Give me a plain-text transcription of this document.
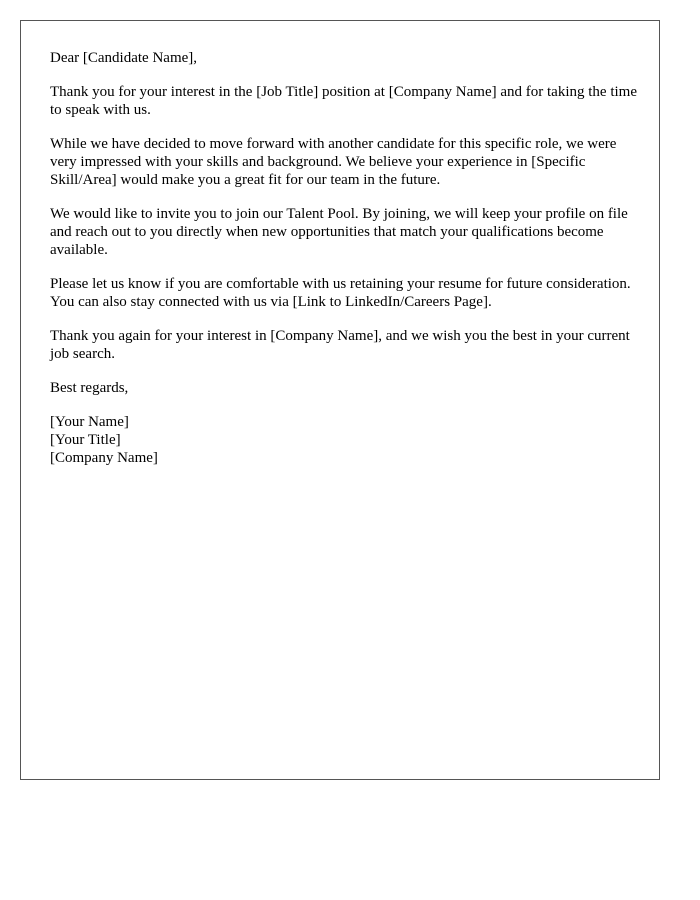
Dear [Candidate Name],

Thank you for your interest in the [Job Title] position at [Company Name] and for taking the time to speak with us.

While we have decided to move forward with another candidate for this specific role, we were very impressed with your skills and background. We believe your experience in [Specific Skill/Area] would make you a great fit for our team in the future.

We would like to invite you to join our Talent Pool. By joining, we will keep your profile on file and reach out to you directly when new opportunities that match your qualifications become available.

Please let us know if you are comfortable with us retaining your resume for future consideration. You can also stay connected with us via [Link to LinkedIn/Careers Page].

Thank you again for your interest in [Company Name], and we wish you the best in your current job search.

Best regards,

[Your Name]
[Your Title]
[Company Name]
